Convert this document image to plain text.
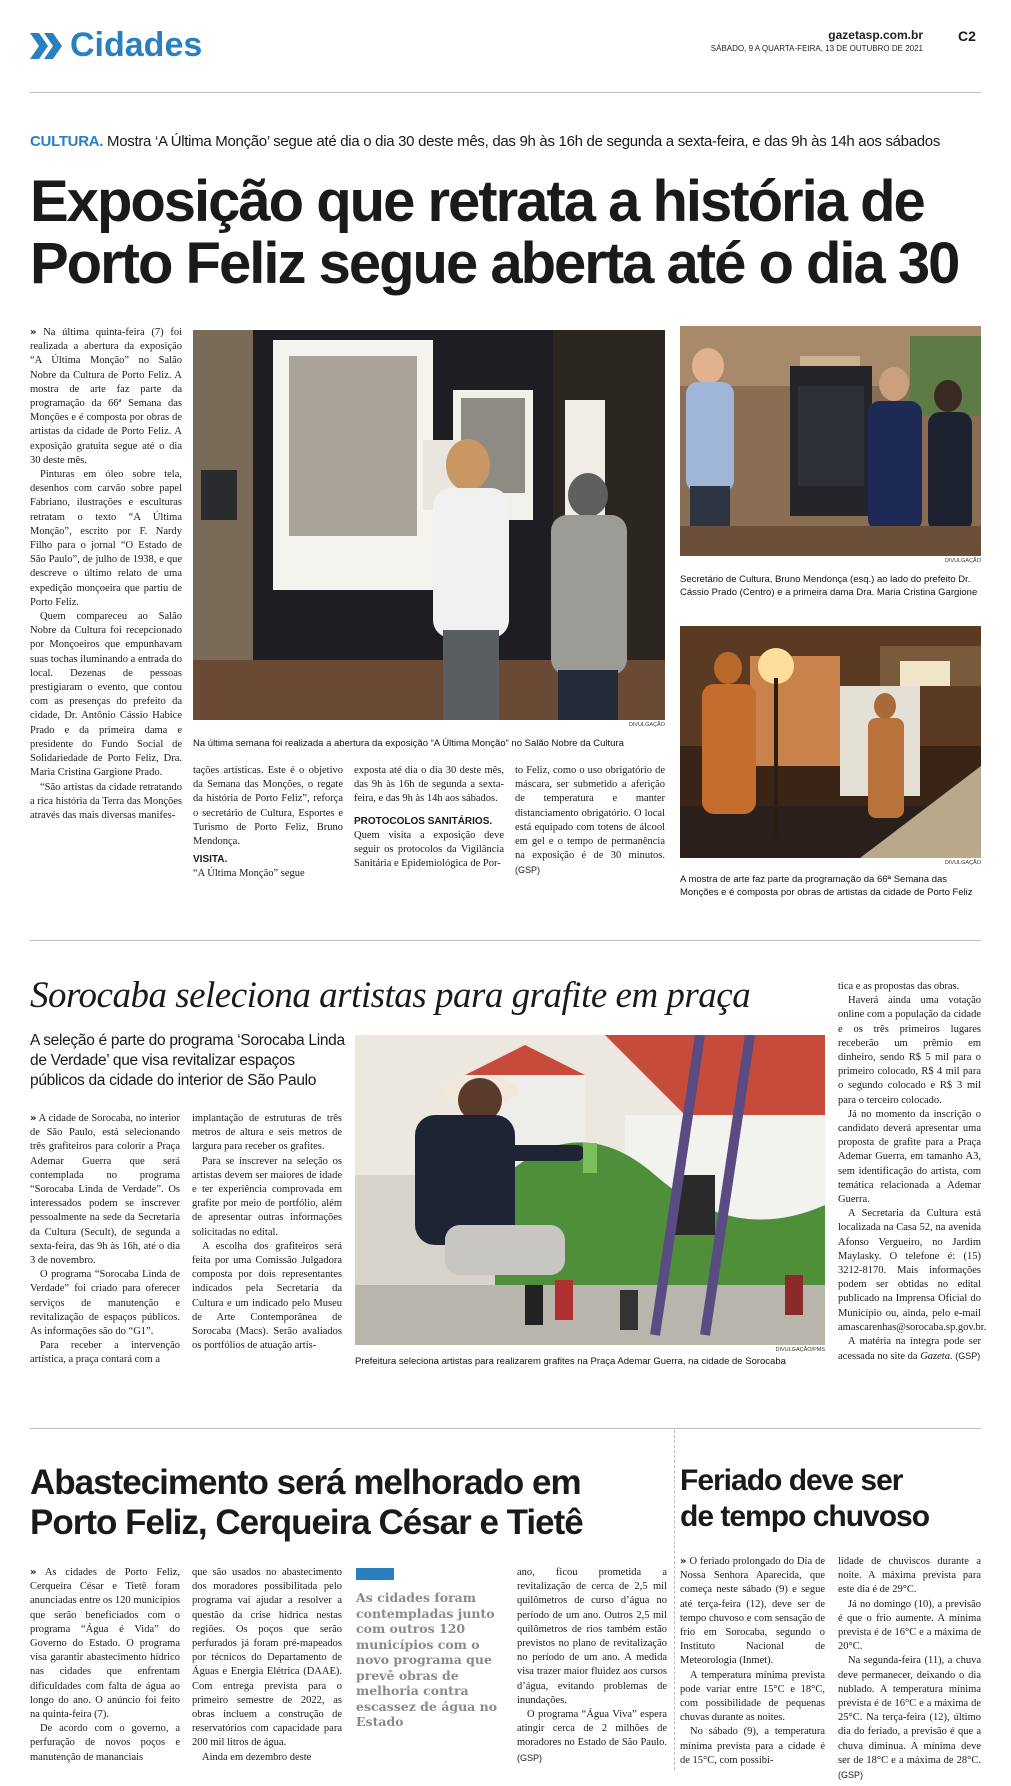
Cidades	gazetasp.com.br
SÁBADO, 9 A QUARTA-FEIRA, 13 DE OUTUBRO DE 2021
C2
CULTURA. Mostra ‘A Última Monção’ segue até dia o dia 30 deste mês, das 9h às 16h de segunda a sexta-feira, e das 9h às 14h aos sábados
Exposição que retrata a história de
Porto Feliz segue aberta até o dia 30

» Na última quinta-feira (7) foi realizada a abertura da exposição “A Última Monção” no Salão Nobre da Cultura de Porto Feliz. A mostra de arte faz parte da programação da 66ª Semana das Monções e é composta por obras de artistas da cidade de Porto Feliz. A exposição gratuita segue até o dia 30 deste mês.

Pinturas em óleo sobre tela, desenhos com carvão sobre papel Fabriano, ilustrações e esculturas retratam o texto “A Última Monção”, escrito por F. Nardy Filho para o jornal “O Estado de São Paulo”, de julho de 1938, e que descreve o último relato de uma expedição monçoeira que partiu de Porto Feliz.

Quem compareceu ao Salão Nobre da Cultura foi recepcionado por Monçoeiros que empunhavam suas tochas iluminando a entrada do local. Dezenas de pessoas prestigiaram o evento, que contou com as presenças do prefeito da cidade, Dr. Antônio Cássio Habice Prado e da primeira dama e presidente do Fundo Social de Solidariedade de Porto Feliz, Dra. Maria Cristina Gargione Prado.

“São artistas da cidade retratando a rica história da Terra das Monções através das mais diversas manifes-

DIVULGAÇÃO
Na última semana foi realizada a abertura da exposição “A Última Monção” no Salão Nobre da Cultura

tações artísticas. Este é o objetivo da Semana das Monções, o regate da história de Porto Feliz”, reforça o secretário de Cultura, Esportes e Turismo de Porto Feliz, Bruno Mendonça.

VISITA.

“A Última Monção” segue

exposta até dia o dia 30 deste mês, das 9h às 16h de segunda a sexta-feira, e das 9h às 14h aos sábados.

PROTOCOLOS SANITÁRIOS.

Quem visita a exposição deve seguir os protocolos da Vigilância Sanitária e Epidemiológica de Por-

to Feliz, como o uso obrigatório de máscara, ser submetido a aferição de temperatura e manter distanciamento obrigatório. O local está equipado com totens de álcool em gel e o tempo de permanência na exposição é de 30 minutos. (GSP)

DIVULGAÇÃO
Secretário de Cultura, Bruno Mendonça (esq.) ao lado do prefeito Dr. Cássio Prado (Centro) e a primeira dama Dra. Maria Cristina Gargione
DIVULGAÇÃO
A mostra de arte faz parte da programação da 66ª Semana das Monções e é composta por obras de artistas da cidade de Porto Feliz
Sorocaba seleciona artistas para grafite em praça
A seleção é parte do programa ‘Sorocaba Linda de Verdade’ que visa revitalizar espaços públicos da cidade do interior de São Paulo

» A cidade de Sorocaba, no interior de São Paulo, está selecionando três grafiteiros para colorir a Praça Ademar Guerra que será contemplada no programa “Sorocaba Linda de Verdade”. Os interessados podem se inscrever pessoalmente na sede da Secretaria da Cultura (Secult), de segunda a sexta-feira, das 9h às 16h, até o dia 3 de novembro.

O programa “Sorocaba Linda de Verdade” foi criado para oferecer serviços de manutenção e revitalização de espaços públicos. As informações são do “G1”.

Para receber a intervenção artística, a praça contará com a

implantação de estruturas de três metros de altura e seis metros de largura para receber os grafites.

Para se inscrever na seleção os artistas devem ser maiores de idade e ter experiência comprovada em grafite por meio de portfólio, além de apresentar outras informações solicitadas no edital.

A escolha dos grafiteiros será feita por uma Comissão Julgadora composta por dois representantes indicados pela Secretaria da Cultura e um indicado pelo Museu de Arte Contemporânea de Sorocaba (Macs). Serão avaliados os portfólios de atuação artís-	DIVULGAÇÃO/PMS
Prefeitura seleciona artistas para realizarem grafites na Praça Ademar Guerra, na cidade de Sorocaba

tica e as propostas das obras.

Haverá ainda uma votação online com a população da cidade e os três primeiros lugares receberão um prêmio em dinheiro, sendo R$ 5 mil para o primeiro colocado, R$ 4 mil para o segundo colocado e R$ 3 mil para o terceiro colocado.

Já no momento da inscrição o candidato deverá apresentar uma proposta de grafite para a Praça Ademar Guerra, em tamanho A3, sem identificação do artista, com temática relacionada a Ademar Guerra.

A Secretaria da Cultura está localizada na Casa 52, na avenida Afonso Vergueiro, no Jardim Maylasky. O telefone é: (15) 3212-8170. Mais informações podem ser obtidas no edital publicado na Imprensa Oficial do Município ou, ainda, pelo e-mail amascarenhas@sorocaba.sp.gov.br.

A matéria na íntegra pode ser acessada no site da Gazeta. (GSP)

Abastecimento será melhorado em
Porto Feliz, Cerqueira César e Tietê

» As cidades de Porto Feliz, Cerqueira César e Tietê foram anunciadas entre os 120 municípios que serão beneficiados com o programa “Água é Vida” do Governo do Estado. O programa visa garantir abastecimento hídrico nas cidades que enfrentam dificuldades com falta de água ao longo do ano. O anúncio foi feito na quinta-feira (7).

De acordo com o governo, a perfuração de novos poços e manutenção de mananciais

que são usados no abastecimento dos moradores possibilitada pelo programa vai ajudar a resolver a questão da crise hídrica nestas regiões. Os poços que serão perfurados já foram pré-mapeados por técnicos do Departamento de Águas e Energia Elétrica (DAAE). Com entrega prevista para o primeiro semestre de 2022, as obras incluem a construção de reservatórios com capacidade para 200 mil litros de água.

Ainda em dezembro deste

As cidades foram contempladas junto com outros 120 municípios com o novo programa que prevê obras de melhoria contra escassez de água no Estado

ano, ficou prometida a revitalização de cerca de 2,5 mil quilômetros de curso d’água no período de um ano. Outros 2,5 mil quilômetros de rios também estão previstos no plano de revitalização no período de um ano. A medida visa trazer maior fluidez aos cursos d’água, evitando problemas de inundações.

O programa “Água Viva” espera atingir cerca de 2 milhões de moradores no Estado de São Paulo. (GSP)

Feriado deve ser
de tempo chuvoso

» O feriado prolongado do Dia de Nossa Senhora Aparecida, que começa neste sábado (9) e segue até terça-feira (12), deve ser de tempo chuvoso e com sensação de frio em Sorocaba, segundo o Instituto Nacional de Meteorologia (Inmet).

A temperatura mínima prevista pode variar entre 15°C e 18°C, com possibilidade de pequenas chuvas durante as noites.

No sábado (9), a temperatura mínima prevista para a cidade é de 15°C, com possibi-

lidade de chuviscos durante a noite. A máxima prevista para este dia é de 29°C.

Já no domingo (10), a previsão é que o frio aumente. A mínima prevista é de 16°C e a máxima de 20°C.

Na segunda-feira (11), a chuva deve permanecer, deixando o dia nublado. A temperatura mínima prevista é de 16°C e a máxima de 25°C. Na terça-feira (12), último dia do feriado, a previsão é que a chuva diminua. A mínima deve ser de 18°C e a máxima de 28°C. (GSP)
